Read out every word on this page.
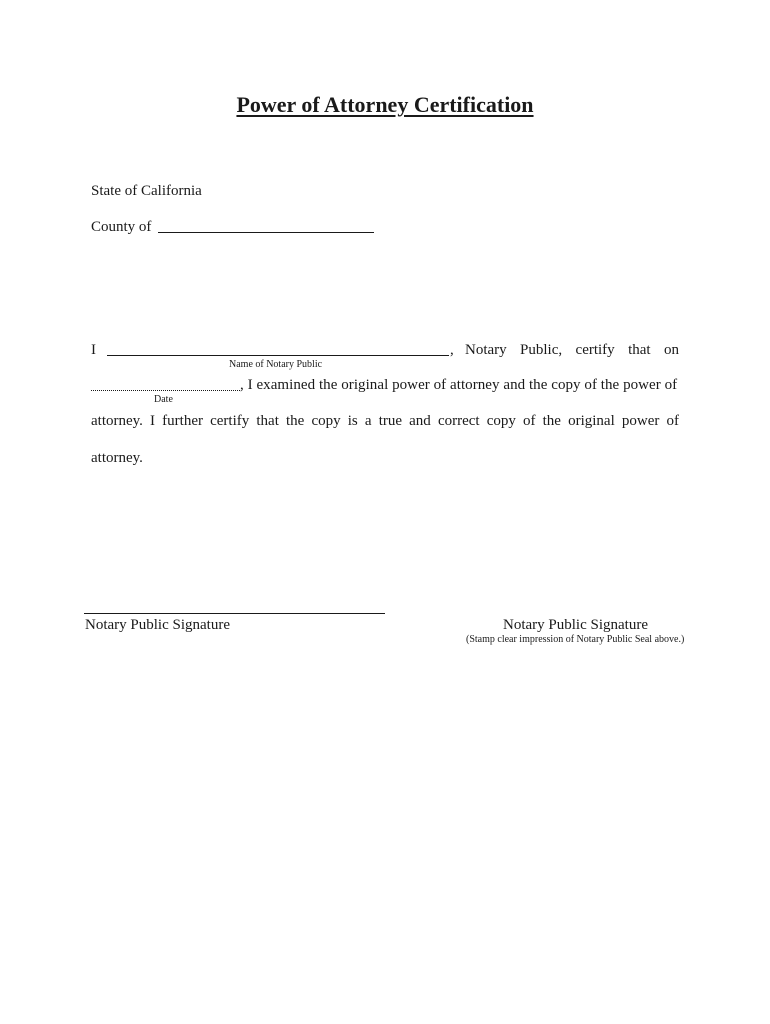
Power of Attorney Certification
State of California
County of
I	, Notary Public, certify that on
Name of Notary Public
, I examined the original power of attorney and the copy of the power of
Date
attorney. I further certify that the copy is a true and correct copy of the original power of
attorney.
Notary Public Signature	Notary Public Signature
(Stamp clear impression of Notary Public Seal above.)
